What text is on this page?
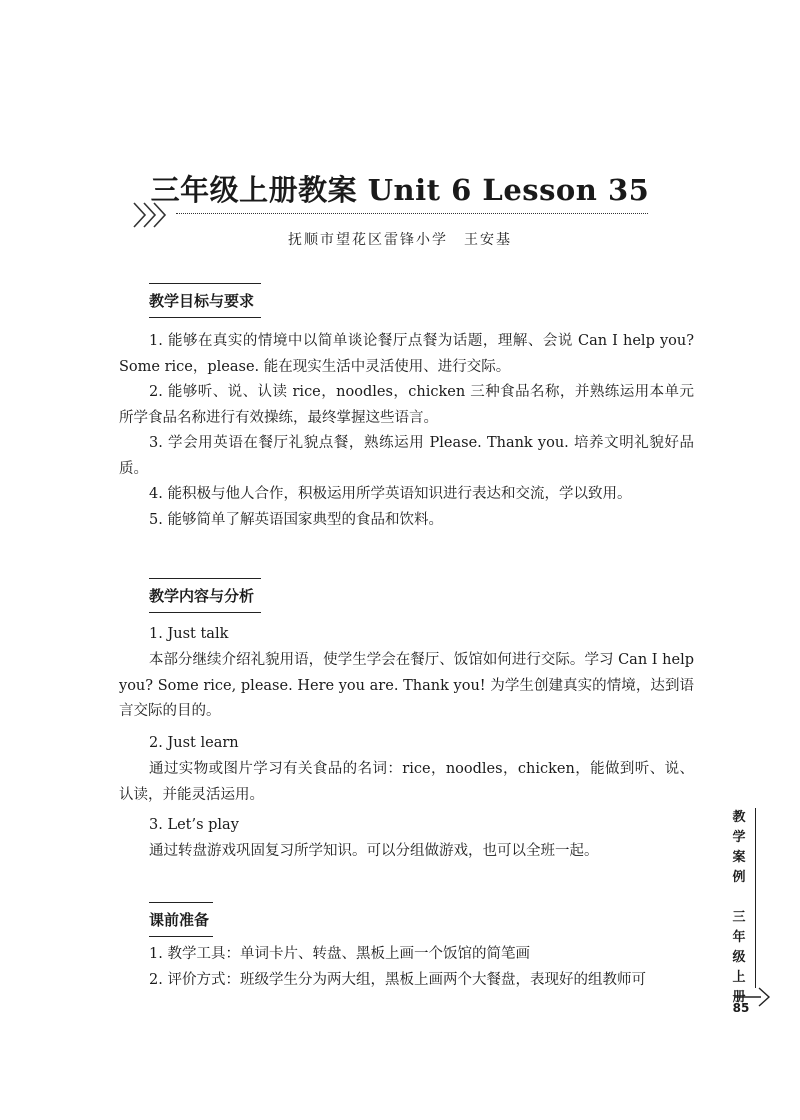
三年级上册教案 Unit 6 Lesson 35
抚顺市望花区雷锋小学　王安基
教学目标与要求

1. 能够在真实的情境中以简单谈论餐厅点餐为话题，理解、会说 Can I help you? Some rice，please. 能在现实生活中灵活使用、进行交际。

2. 能够听、说、认读 rice，noodles，chicken 三种食品名称，并熟练运用本单元所学食品名称进行有效操练，最终掌握这些语言。

3. 学会用英语在餐厅礼貌点餐，熟练运用 Please. Thank you. 培养文明礼貌好品质。

4. 能积极与他人合作，积极运用所学英语知识进行表达和交流，学以致用。

5. 能够简单了解英语国家典型的食品和饮料。

教学内容与分析

1. Just talk

本部分继续介绍礼貌用语，使学生学会在餐厅、饭馆如何进行交际。学习 Can I help you? Some rice, please. Here you are. Thank you! 为学生创建真实的情境，达到语言交际的目的。

2. Just learn

通过实物或图片学习有关食品的名词：rice，noodles，chicken，能做到听、说、认读，并能灵活运用。

3. Let’s play

通过转盘游戏巩固复习所学知识。可以分组做游戏，也可以全班一起。

课前准备

1. 教学工具：单词卡片、转盘、黑板上画一个饭馆的简笔画

2. 评价方式：班级学生分为两大组，黑板上画两个大餐盘，表现好的组教师可

教
学
案
例
三
年
级
上
册
85
